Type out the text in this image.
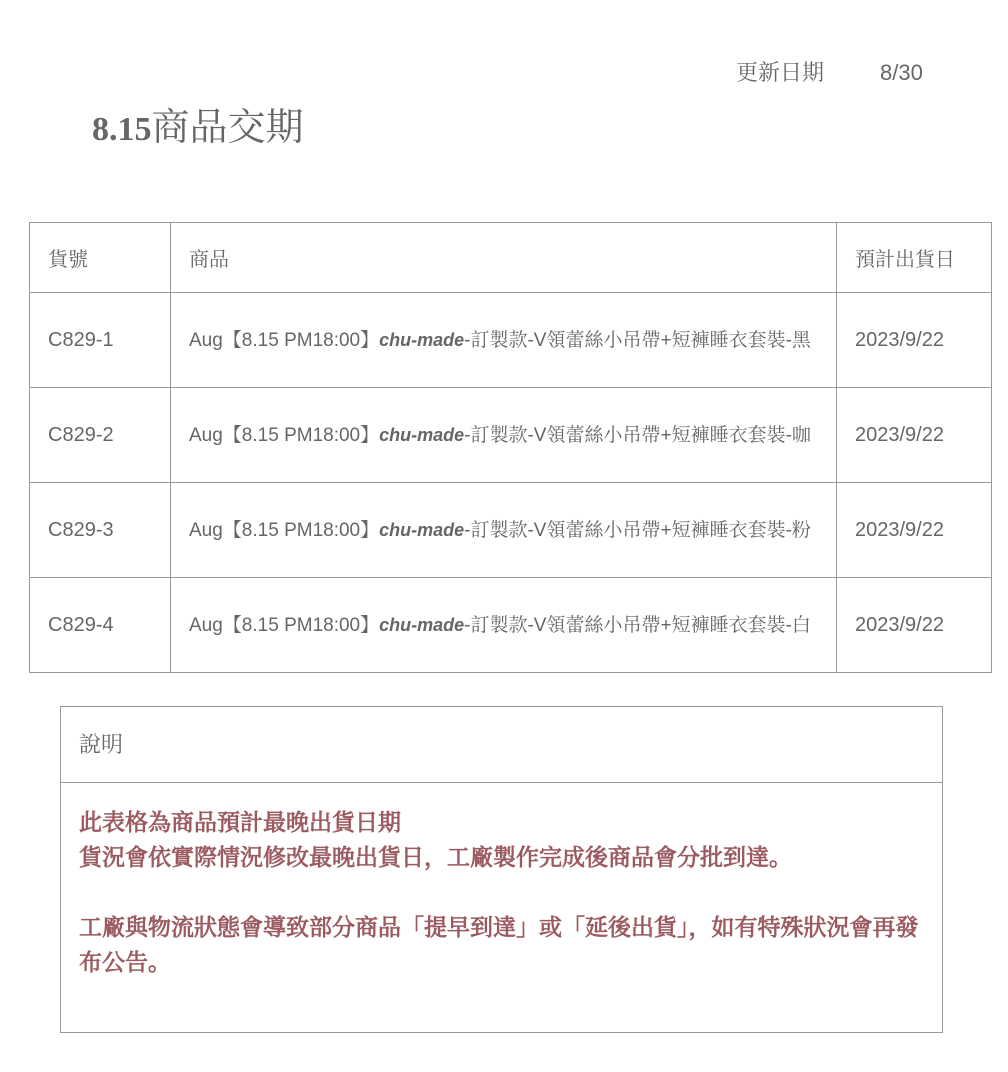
更新日期	8/30
8.15商品交期
貨號	商品	預計出貨日
C829-1	Aug【8.15 PM18:00】chu-made-訂製款-V領蕾絲小吊帶+短褲睡衣套裝-黑	2023/9/22
C829-2	Aug【8.15 PM18:00】chu-made-訂製款-V領蕾絲小吊帶+短褲睡衣套裝-咖	2023/9/22
C829-3	Aug【8.15 PM18:00】chu-made-訂製款-V領蕾絲小吊帶+短褲睡衣套裝-粉	2023/9/22
C829-4	Aug【8.15 PM18:00】chu-made-訂製款-V領蕾絲小吊帶+短褲睡衣套裝-白	2023/9/22
說明

此表格為商品預計最晚出貨日期
貨況會依實際情況修改最晚出貨日，工廠製作完成後商品會分批到達。

工廠與物流狀態會導致部分商品「提早到達」或「延後出貨」，如有特殊狀況會再發布公告。
